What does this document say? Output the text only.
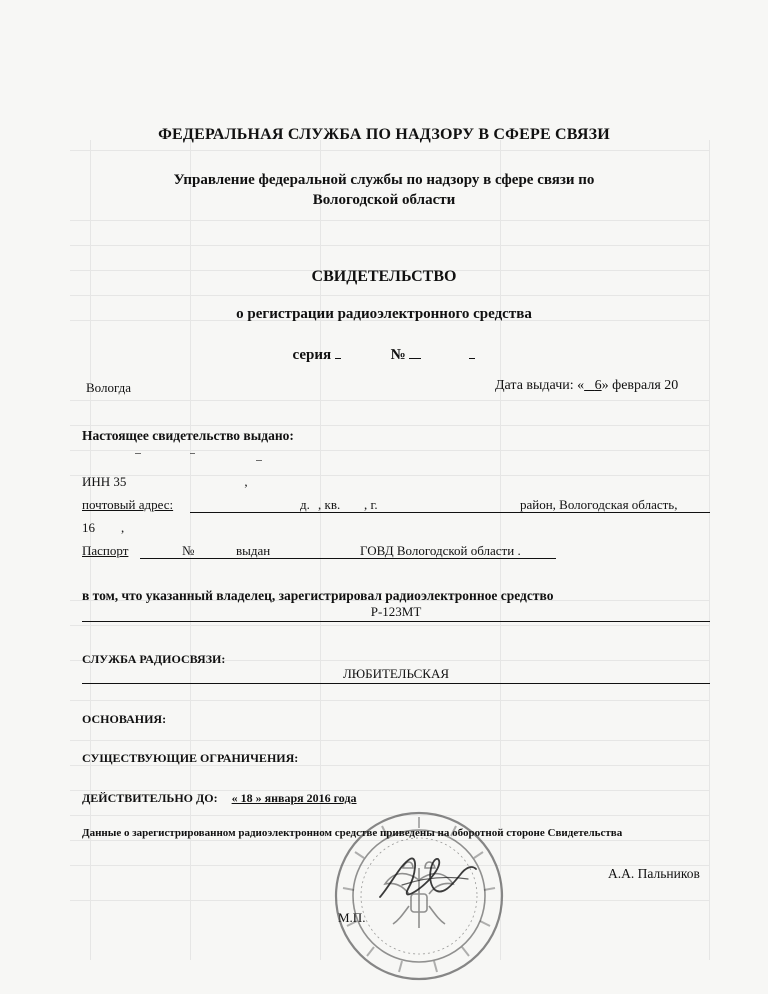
ФЕДЕРАЛЬНАЯ СЛУЖБА ПО НАДЗОРУ В СФЕРЕ СВЯЗИ
Управление федеральной службы по надзору в сфере связи по
Вологодской области
СВИДЕТЕЛЬСТВО
о регистрации радиоэлектронного средства
серия	№
Вологда	Дата выдачи: « 6» февраля 20
Настоящее свидетельство выдано:
ИНН 35	,
почтовый адрес:	д. , кв. , г.	район, Вологодская область,
16 ,
Паспорт	№	выдан	ГОВД Вологодской области .
в том, что указанный владелец, зарегистрировал радиоэлектронное средство
Р-123МТ
СЛУЖБА РАДИОСВЯЗИ:
ЛЮБИТЕЛЬСКАЯ
ОСНОВАНИЯ:
СУЩЕСТВУЮЩИЕ ОГРАНИЧЕНИЯ:
ДЕЙСТВИТЕЛЬНО ДО: « 18 » января 2016 года
Данные о зарегистрированном радиоэлектронном средстве приведены на оборотной стороне Свидетельства
А.А. Пальников
М.П.
